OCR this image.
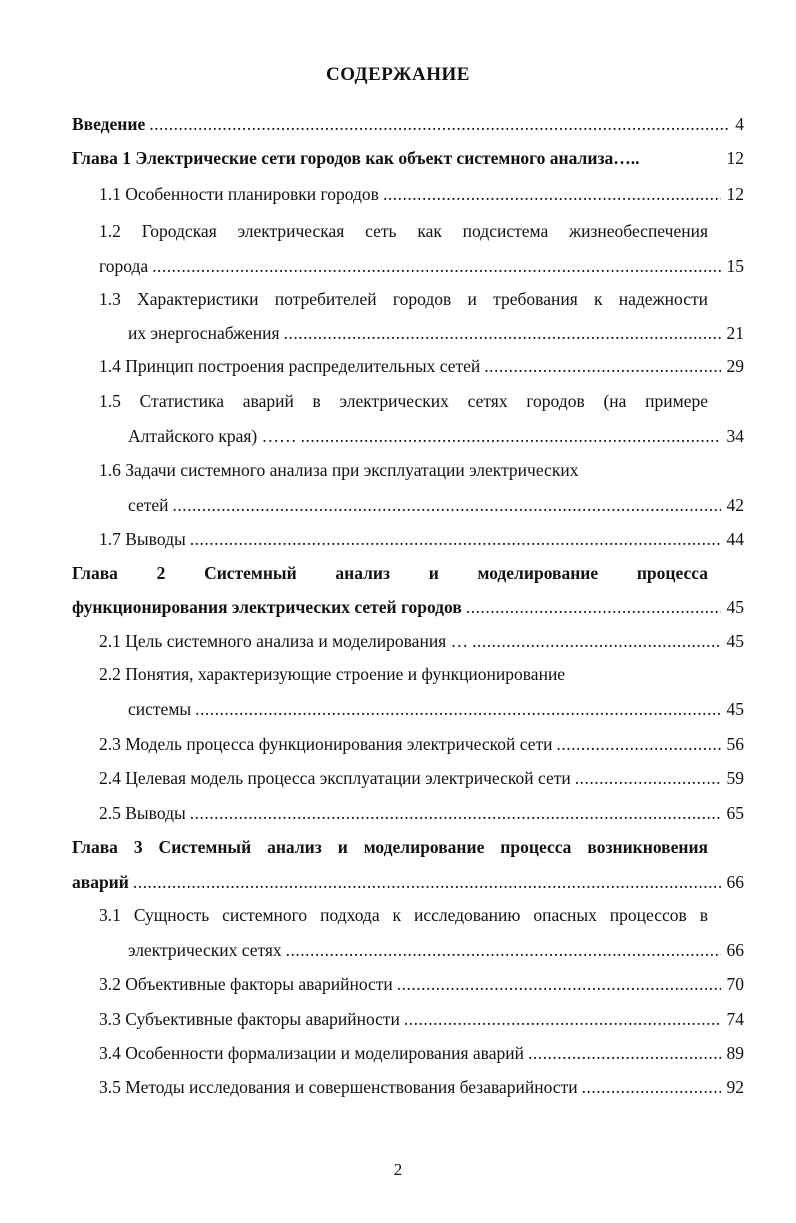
СОДЕРЖАНИЕ
Введение .....	4
Глава 1 Электрические сети городов как объект системного анализа…..	12
1.1 Особенности планировки городов .....	12
1.2 Городская электрическая сеть как подсистема жизнеобеспечения
города .....	15
1.3 Характеристики потребителей городов и требования к надежности
их энергоснабжения .....	21
1.4 Принцип построения распределительных сетей .....	29
1.5 Статистика аварий в электрических сетях городов (на примере
Алтайского края) …… .....	34
1.6 Задачи системного анализа при эксплуатации электрических
сетей .....	42
1.7 Выводы .....	44
Глава 2 Системный анализ и моделирование процесса
функционирования электрических сетей городов .....	45
2.1 Цель системного анализа и моделирования … .....	45
2.2 Понятия, характеризующие строение и функционирование
системы .....	45
2.3 Модель процесса функционирования электрической сети .....	56
2.4 Целевая модель процесса эксплуатации электрической сети .....	59
2.5 Выводы .....	65
Глава 3 Системный анализ и моделирование процесса возникновения
аварий .....	66
3.1 Сущность системного подхода к исследованию опасных процессов в
электрических сетях .....	66
3.2 Объективные факторы аварийности .....	70
3.3 Субъективные факторы аварийности .....	74
3.4 Особенности формализации и моделирования аварий .....	89
3.5 Методы исследования и совершенствования безаварийности .....	92
2
